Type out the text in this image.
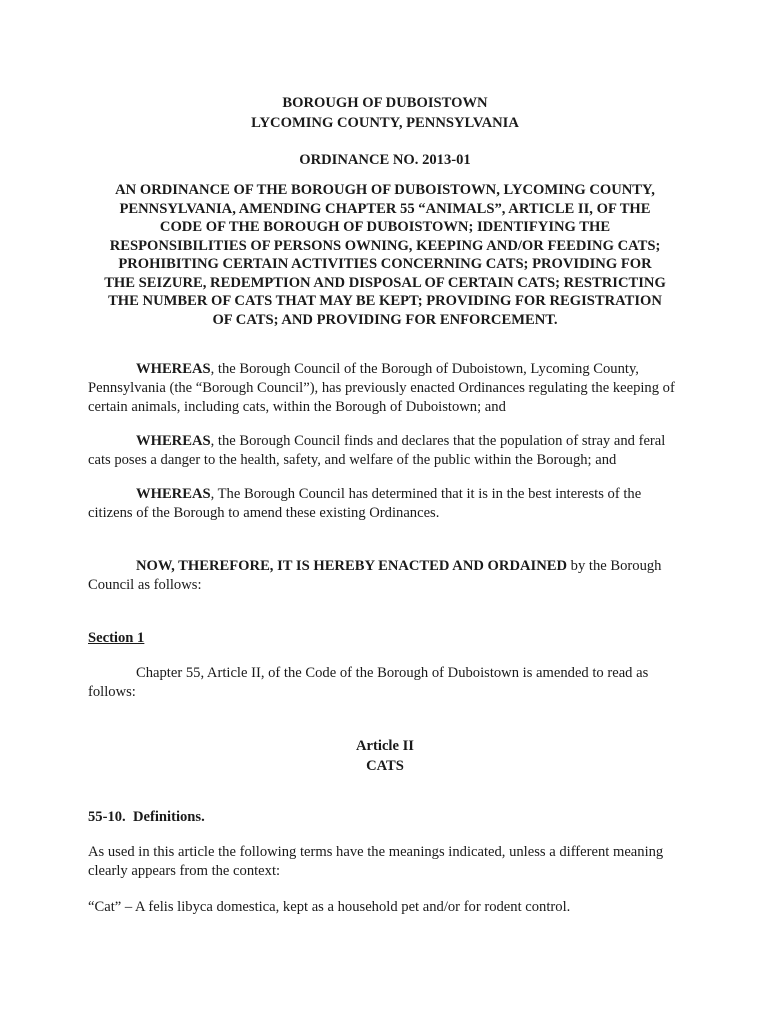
BOROUGH OF DUBOISTOWN
LYCOMING COUNTY, PENNSYLVANIA
ORDINANCE NO. 2013-01
AN ORDINANCE OF THE BOROUGH OF DUBOISTOWN, LYCOMING COUNTY,
PENNSYLVANIA, AMENDING CHAPTER 55 “ANIMALS”, ARTICLE II, OF THE
CODE OF THE BOROUGH OF DUBOISTOWN; IDENTIFYING THE
RESPONSIBILITIES OF PERSONS OWNING, KEEPING AND/OR FEEDING CATS;
PROHIBITING CERTAIN ACTIVITIES CONCERNING CATS; PROVIDING FOR
THE SEIZURE, REDEMPTION AND DISPOSAL OF CERTAIN CATS; RESTRICTING
THE NUMBER OF CATS THAT MAY BE KEPT; PROVIDING FOR REGISTRATION
OF CATS; AND PROVIDING FOR ENFORCEMENT.
WHEREAS, the Borough Council of the Borough of Duboistown, Lycoming County, Pennsylvania (the “Borough Council”), has previously enacted Ordinances regulating the keeping of certain animals, including cats, within the Borough of Duboistown; and
WHEREAS, the Borough Council finds and declares that the population of stray and feral cats poses a danger to the health, safety, and welfare of the public within the Borough; and
WHEREAS, The Borough Council has determined that it is in the best interests of the citizens of the Borough to amend these existing Ordinances.
NOW, THEREFORE, IT IS HEREBY ENACTED AND ORDAINED by the Borough Council as follows:
Section 1
Chapter 55, Article II, of the Code of the Borough of Duboistown is amended to read as follows:
Article II
CATS
55-10.  Definitions.
As used in this article the following terms have the meanings indicated, unless a different meaning clearly appears from the context:
“Cat” – A felis libyca domestica, kept as a household pet and/or for rodent control.
